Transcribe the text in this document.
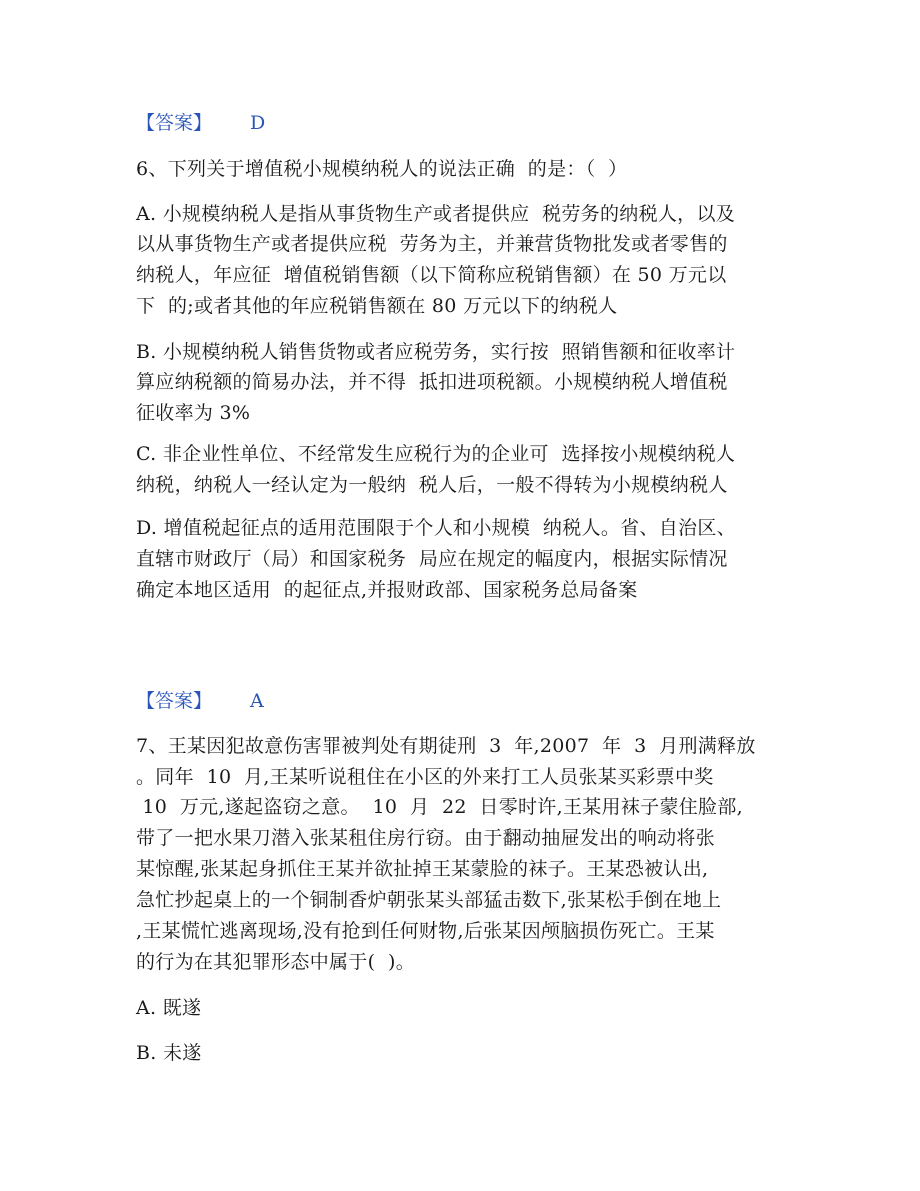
【答案】 D
6、下列关于增值税小规模纳税人的说法正确  的是：（  ）
A. 小规模纳税人是指从事货物生产或者提供应  税劳务的纳税人，以及
以从事货物生产或者提供应税  劳务为主，并兼营货物批发或者零售的
纳税人，年应征  增值税销售额（以下简称应税销售额）在 50 万元以
下  的;或者其他的年应税销售额在 80 万元以下的纳税人
B. 小规模纳税人销售货物或者应税劳务，实行按  照销售额和征收率计
算应纳税额的简易办法，并不得  抵扣进项税额。小规模纳税人增值税
征收率为 3%
C. 非企业性单位、不经常发生应税行为的企业可  选择按小规模纳税人
纳税，纳税人一经认定为一般纳  税人后，一般不得转为小规模纳税人
D. 增值税起征点的适用范围限于个人和小规模  纳税人。省、自治区、
直辖市财政厅（局）和国家税务  局应在规定的幅度内，根据实际情况
确定本地区适用  的起征点,并报财政部、国家税务总局备案
【答案】 A
7、王某因犯故意伤害罪被判处有期徒刑  3  年,2007  年  3  月刑满释放
。同年  10  月,王某听说租住在小区的外来打工人员张某买彩票中奖
10  万元,遂起盗窃之意。  10  月  22  日零时许,王某用袜子蒙住脸部,
带了一把水果刀潜入张某租住房行窃。由于翻动抽屉发出的响动将张
某惊醒,张某起身抓住王某并欲扯掉王某蒙脸的袜子。王某恐被认出,
急忙抄起桌上的一个铜制香炉朝张某头部猛击数下,张某松手倒在地上
,王某慌忙逃离现场,没有抢到任何财物,后张某因颅脑损伤死亡。王某
的行为在其犯罪形态中属于(  )。
A. 既遂
B. 未遂
